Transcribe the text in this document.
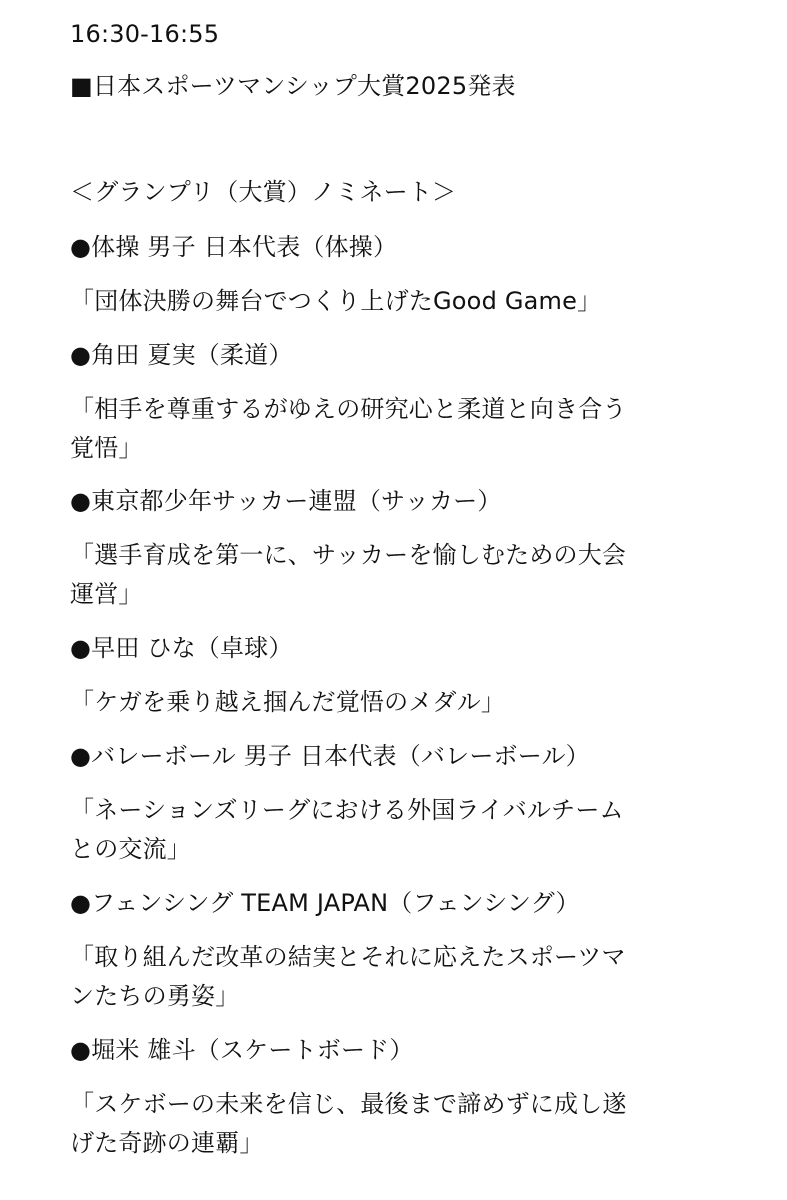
16:30-16:55
■日本スポーツマンシップ大賞2025発表
＜グランプリ（大賞）ノミネート＞
●体操 男子 日本代表（体操）
「団体決勝の舞台でつくり上げたGood Game」
●角田 夏実（柔道）
「相手を尊重するがゆえの研究心と柔道と向き合う
覚悟」
●東京都少年サッカー連盟（サッカー）
「選手育成を第一に、サッカーを愉しむための大会
運営」
●早田 ひな（卓球）
「ケガを乗り越え掴んだ覚悟のメダル」
●バレーボール 男子 日本代表（バレーボール）
「ネーションズリーグにおける外国ライバルチーム
との交流」
●フェンシング TEAM JAPAN（フェンシング）
「取り組んだ改革の結実とそれに応えたスポーツマ
ンたちの勇姿」
●堀米 雄斗（スケートボード）
「スケボーの未来を信じ、最後まで諦めずに成し遂
げた奇跡の連覇」
